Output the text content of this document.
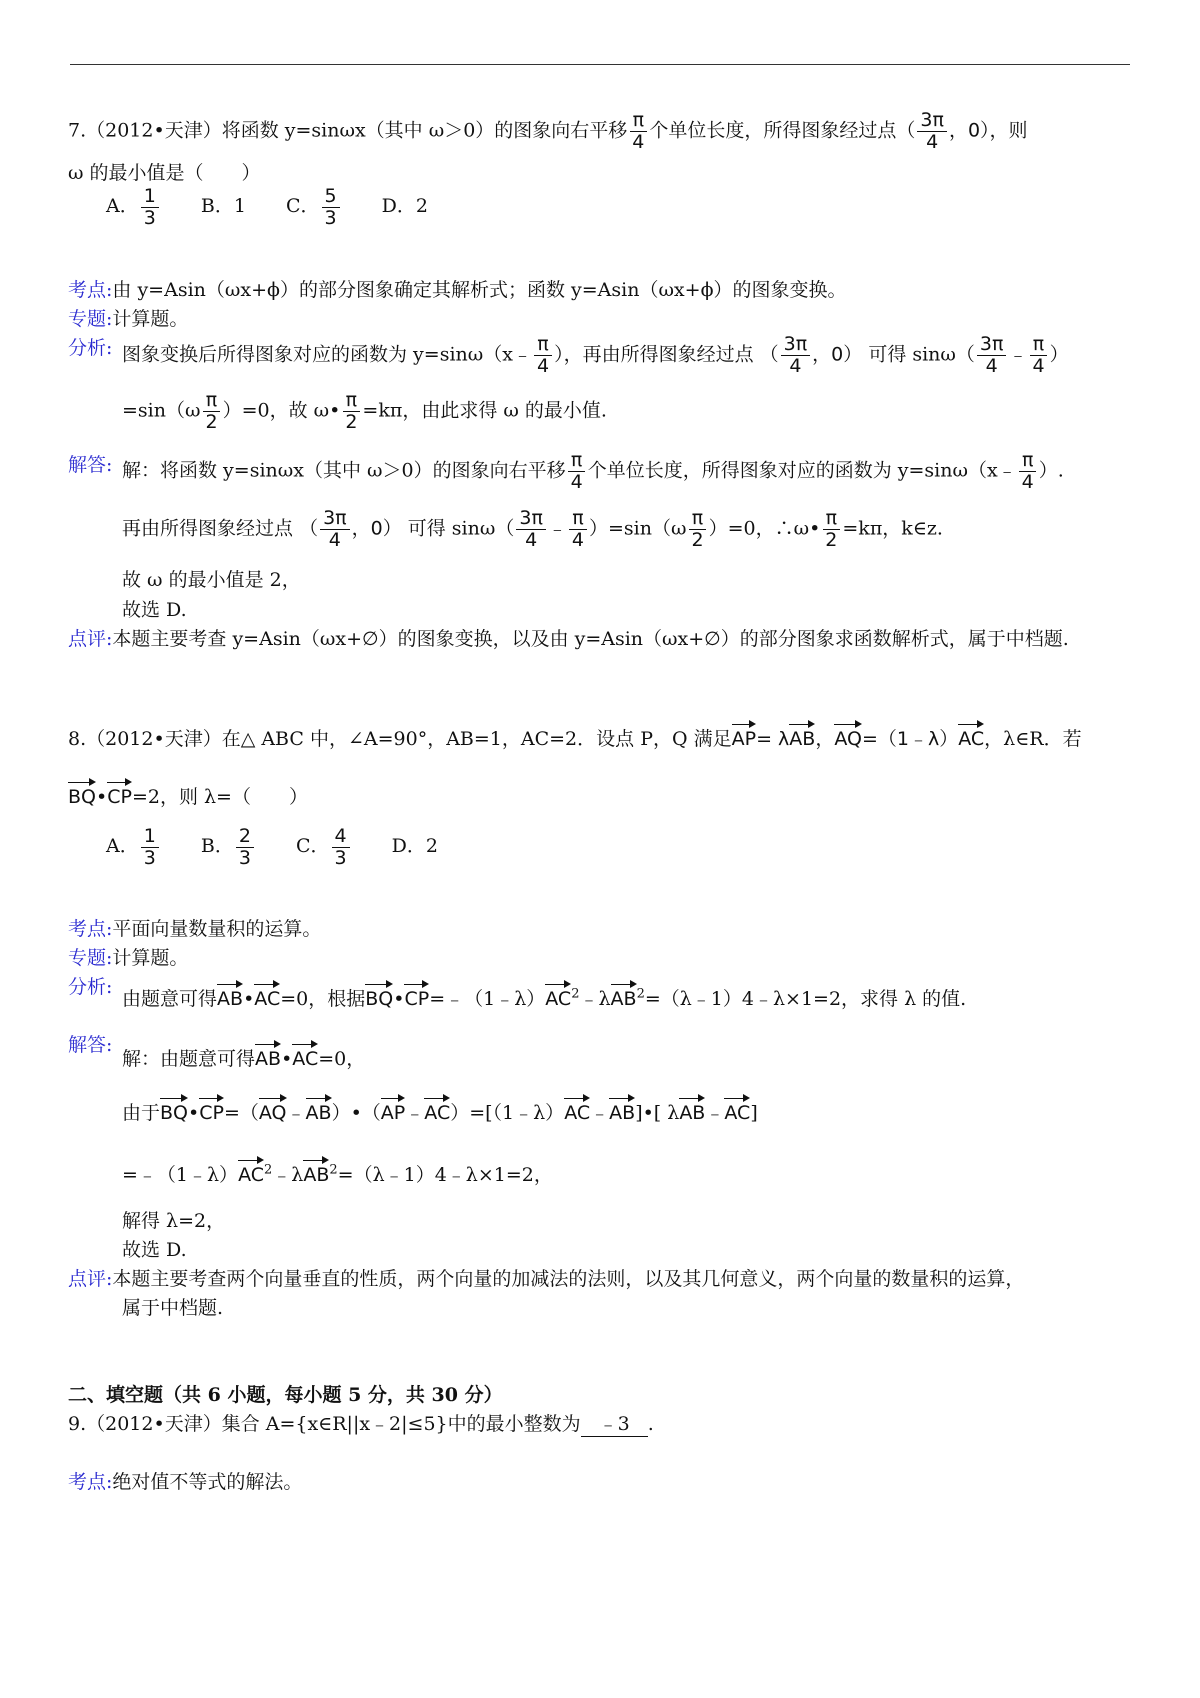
7.（2012•天津）将函数 y=sinωx（其中 ω＞0）的图象向右平移 $\frac{\pi}{4}$ 个单位长度，所得图象经过点（ $\frac{3\pi}{4}$ ，0），则
ω 的最小值是（　　）
A． $\frac{1}{3}$ B．1 C． $\frac{5}{3}$ D．2
考点:由 y=Asin（ωx+ϕ）的部分图象确定其解析式；函数 y=Asin（ωx+ϕ）的图象变换。
专题:计算题。
分析: 图象变换后所得图象对应的函数为 y=sinω（x﹣ $\frac{\pi}{4}$ ），再由所得图象经过点 （ $\frac{3\pi}{4}$ ，0） 可得 $\sin\omega( \frac{3\pi}{4}$ ﹣ $\frac{\pi}{4}$ ）
$=\sin(\omega \frac{\pi}{2} )=0$，故 ω• $\frac{\pi}{2} =k\pi$，由此求得 ω 的最小值.
解答: 解：将函数 y=sinωx（其中 ω＞0）的图象向右平移 $\frac{\pi}{4}$ 个单位长度，所得图象对应的函数为 y=sinω（x﹣ $\frac{\pi}{4}$ ）.
再由所得图象经过点 （ $\frac{3\pi}{4}$ ，0） 可得 $\sin\omega( \frac{3\pi}{4}$ ﹣ $\frac{\pi}{4} )=\sin(\omega \frac{\pi}{2} )=0$，∴ω• $\frac{\pi}{2} =k\pi$，k∈z.
故 ω 的最小值是 2，
故选 D.
点评:本题主要考查 y=Asin（ωx+∅）的图象变换，以及由 y=Asin（ωx+∅）的部分图象求函数解析式，属于中档题.
8.（2012•天津）在△ ABC 中，∠A=90°，AB=1，AC=2．设点 P，Q 满足AP= λAB，AQ=（1﹣λ）AC，λ∈R．若
BQ•CP=2，则 λ=（　　）
A． $\frac{1}{3}$ B． $\frac{2}{3}$ C． $\frac{4}{3}$ D．2
考点:平面向量数量积的运算。
专题:计算题。
分析:
由题意可得AB•AC=0，根据$BQ•CP=﹣(1﹣\lambda)AC^2﹣\lambda AB^2=(\lambda﹣1)4﹣\lambda\times 1=2$，求得 λ 的值.
解答:
解：由题意可得AB•AC=0，
由于BQ•CP=（AQ﹣AB）•（AP﹣AC）=[（1﹣λ）AC﹣AB]•[ λAB﹣AC]
$=﹣(1﹣\lambda)AC^2﹣\lambda AB^2=(\lambda﹣1)4﹣\lambda\times 1=2$，
解得 λ=2，
故选 D.
点评:本题主要考查两个向量垂直的性质，两个向量的加减法的法则，以及其几何意义，两个向量的数量积的运算，
属于中档题.
二、填空题（共 6 小题，每小题 5 分，共 30 分）
9.（2012•天津）集合 A={x∈R||x﹣2|≤5}中的最小整数为 ﹣3 .
考点:绝对值不等式的解法。
